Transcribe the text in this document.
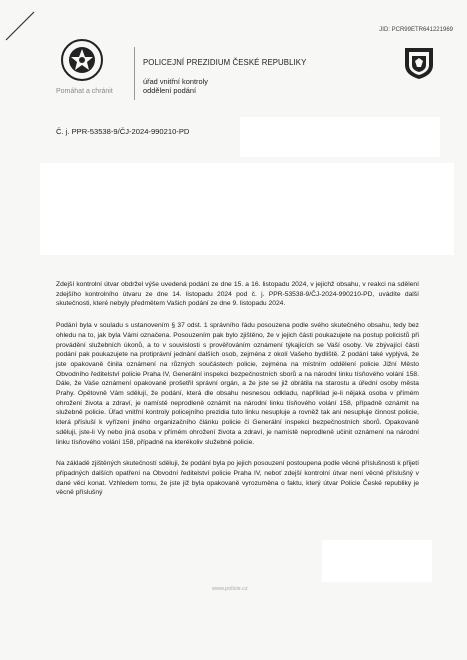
JID: PCR99ETR641221969
Pomáhat a chránit
POLICEJNÍ PREZIDIUM ČESKÉ REPUBLIKY
úřad vnitřní kontroly
oddělení podání
Č. j. PPR-53538-9/ČJ-2024-990210-PD

Zdejší kontrolní útvar obdržel výše uvedená podání ze dne 15. a 16. listopadu 2024, v jejichž obsahu, v reakci na sdělení zdejšího kontrolního útvaru ze dne 14. listopadu 2024 pod č. j. PPR-53538-9/ČJ-2024-990210-PD, uvádíte další skutečnosti, které nebyly předmětem Vašich podání ze dne 9. listopadu 2024.

Podání byla v souladu s ustanovením § 37 odst. 1 správního řádu posouzena podle svého skutečného obsahu, tedy bez ohledu na to, jak byla Vámi označena. Posouzením pak bylo zjištěno, že v jejich části poukazujete na postup policistů při provádění služebních úkonů, a to v souvislosti s prověřováním oznámení týkajících se Vaší osoby. Ve zbývající části podání pak poukazujete na protiprávní jednání dalších osob, zejména z okolí Vašeho bydliště. Z podání také vyplývá, že jste opakovaně činila oznámení na různých součástech policie, zejména na místním oddělení policie Jižní Město Obvodního ředitelství policie Praha IV, Generální inspekci bezpečnostních sborů a na národní linku tísňového volání 158. Dále, že Vaše oznámení opakovaně prošetřil správní orgán, a že jste se již obrátila na starostu a úřední osoby města Prahy. Opětovně Vám sdělují, že podání, která dle obsahu nesnesou odkladu, například je-li nějaká osoba v přímém ohrožení života a zdraví, je namístě neprodleně oznámit na národní linku tísňového volání 158, případně oznámit na služebně policie. Úřad vnitřní kontroly policejního prezidia tuto linku nesupluje a rovněž tak ani nesupluje činnost policie, která přísluší k vyřízení jiného organizačního článku policie či Generální inspekci bezpečnostních sborů. Opakovaně sděluji, jste-li Vy nebo jiná osoba v přímém ohrožení života a zdraví, je namístě neprodleně učinit oznámení na národní linku tísňového volání 158, případně na kterékoliv služebně policie.

Na základě zjištěných skutečností sděluji, že podání byla po jejich posouzení postoupena podle věcné příslušnosti k přijetí případných dalších opatření na Obvodní ředitelství policie Praha IV, neboť zdejší kontrolní útvar není věcně příslušný v dané věci konat. Vzhledem tomu, že jste již byla opakovaně vyrozuměna o faktu, který útvar Policie České republiky je věcně příslušný

www.policie.cz
